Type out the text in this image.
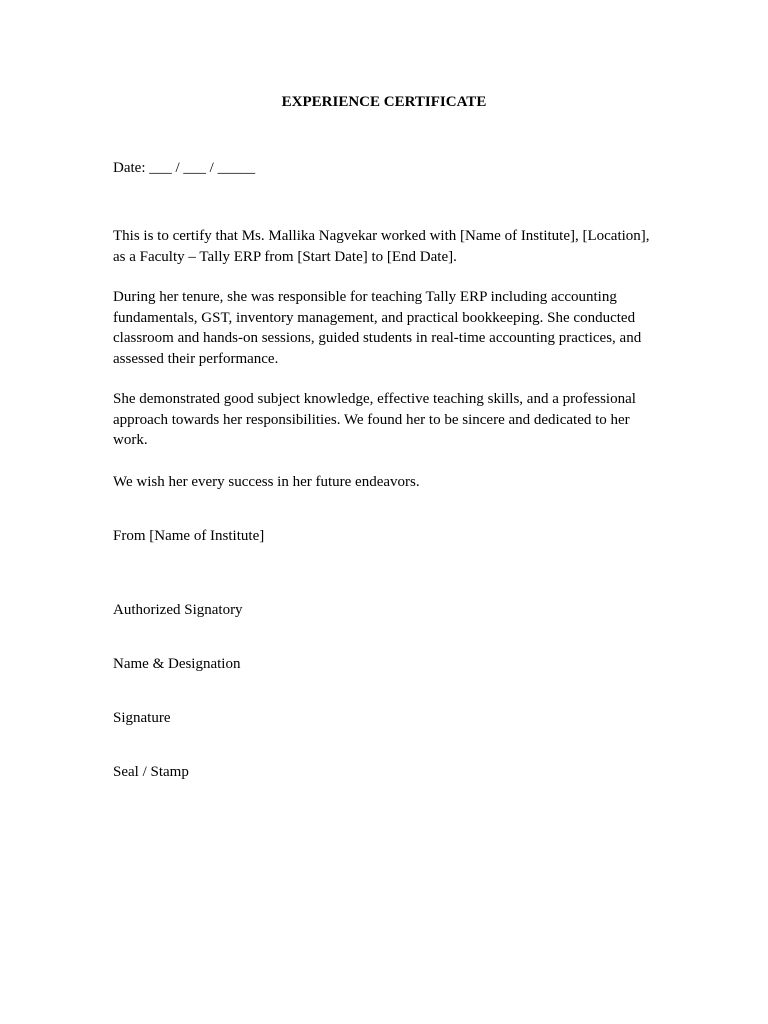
EXPERIENCE CERTIFICATE

Date: ___ / ___ / _____

This is to certify that Ms. Mallika Nagvekar worked with [Name of Institute], [Location], as a Faculty – Tally ERP from [Start Date] to [End Date].

During her tenure, she was responsible for teaching Tally ERP including accounting fundamentals, GST, inventory management, and practical bookkeeping. She conducted classroom and hands-on sessions, guided students in real-time accounting practices, and assessed their performance.

She demonstrated good subject knowledge, effective teaching skills, and a professional approach towards her responsibilities. We found her to be sincere and dedicated to her work.

We wish her every success in her future endeavors.

From [Name of Institute]

Authorized Signatory

Name & Designation

Signature

Seal / Stamp
